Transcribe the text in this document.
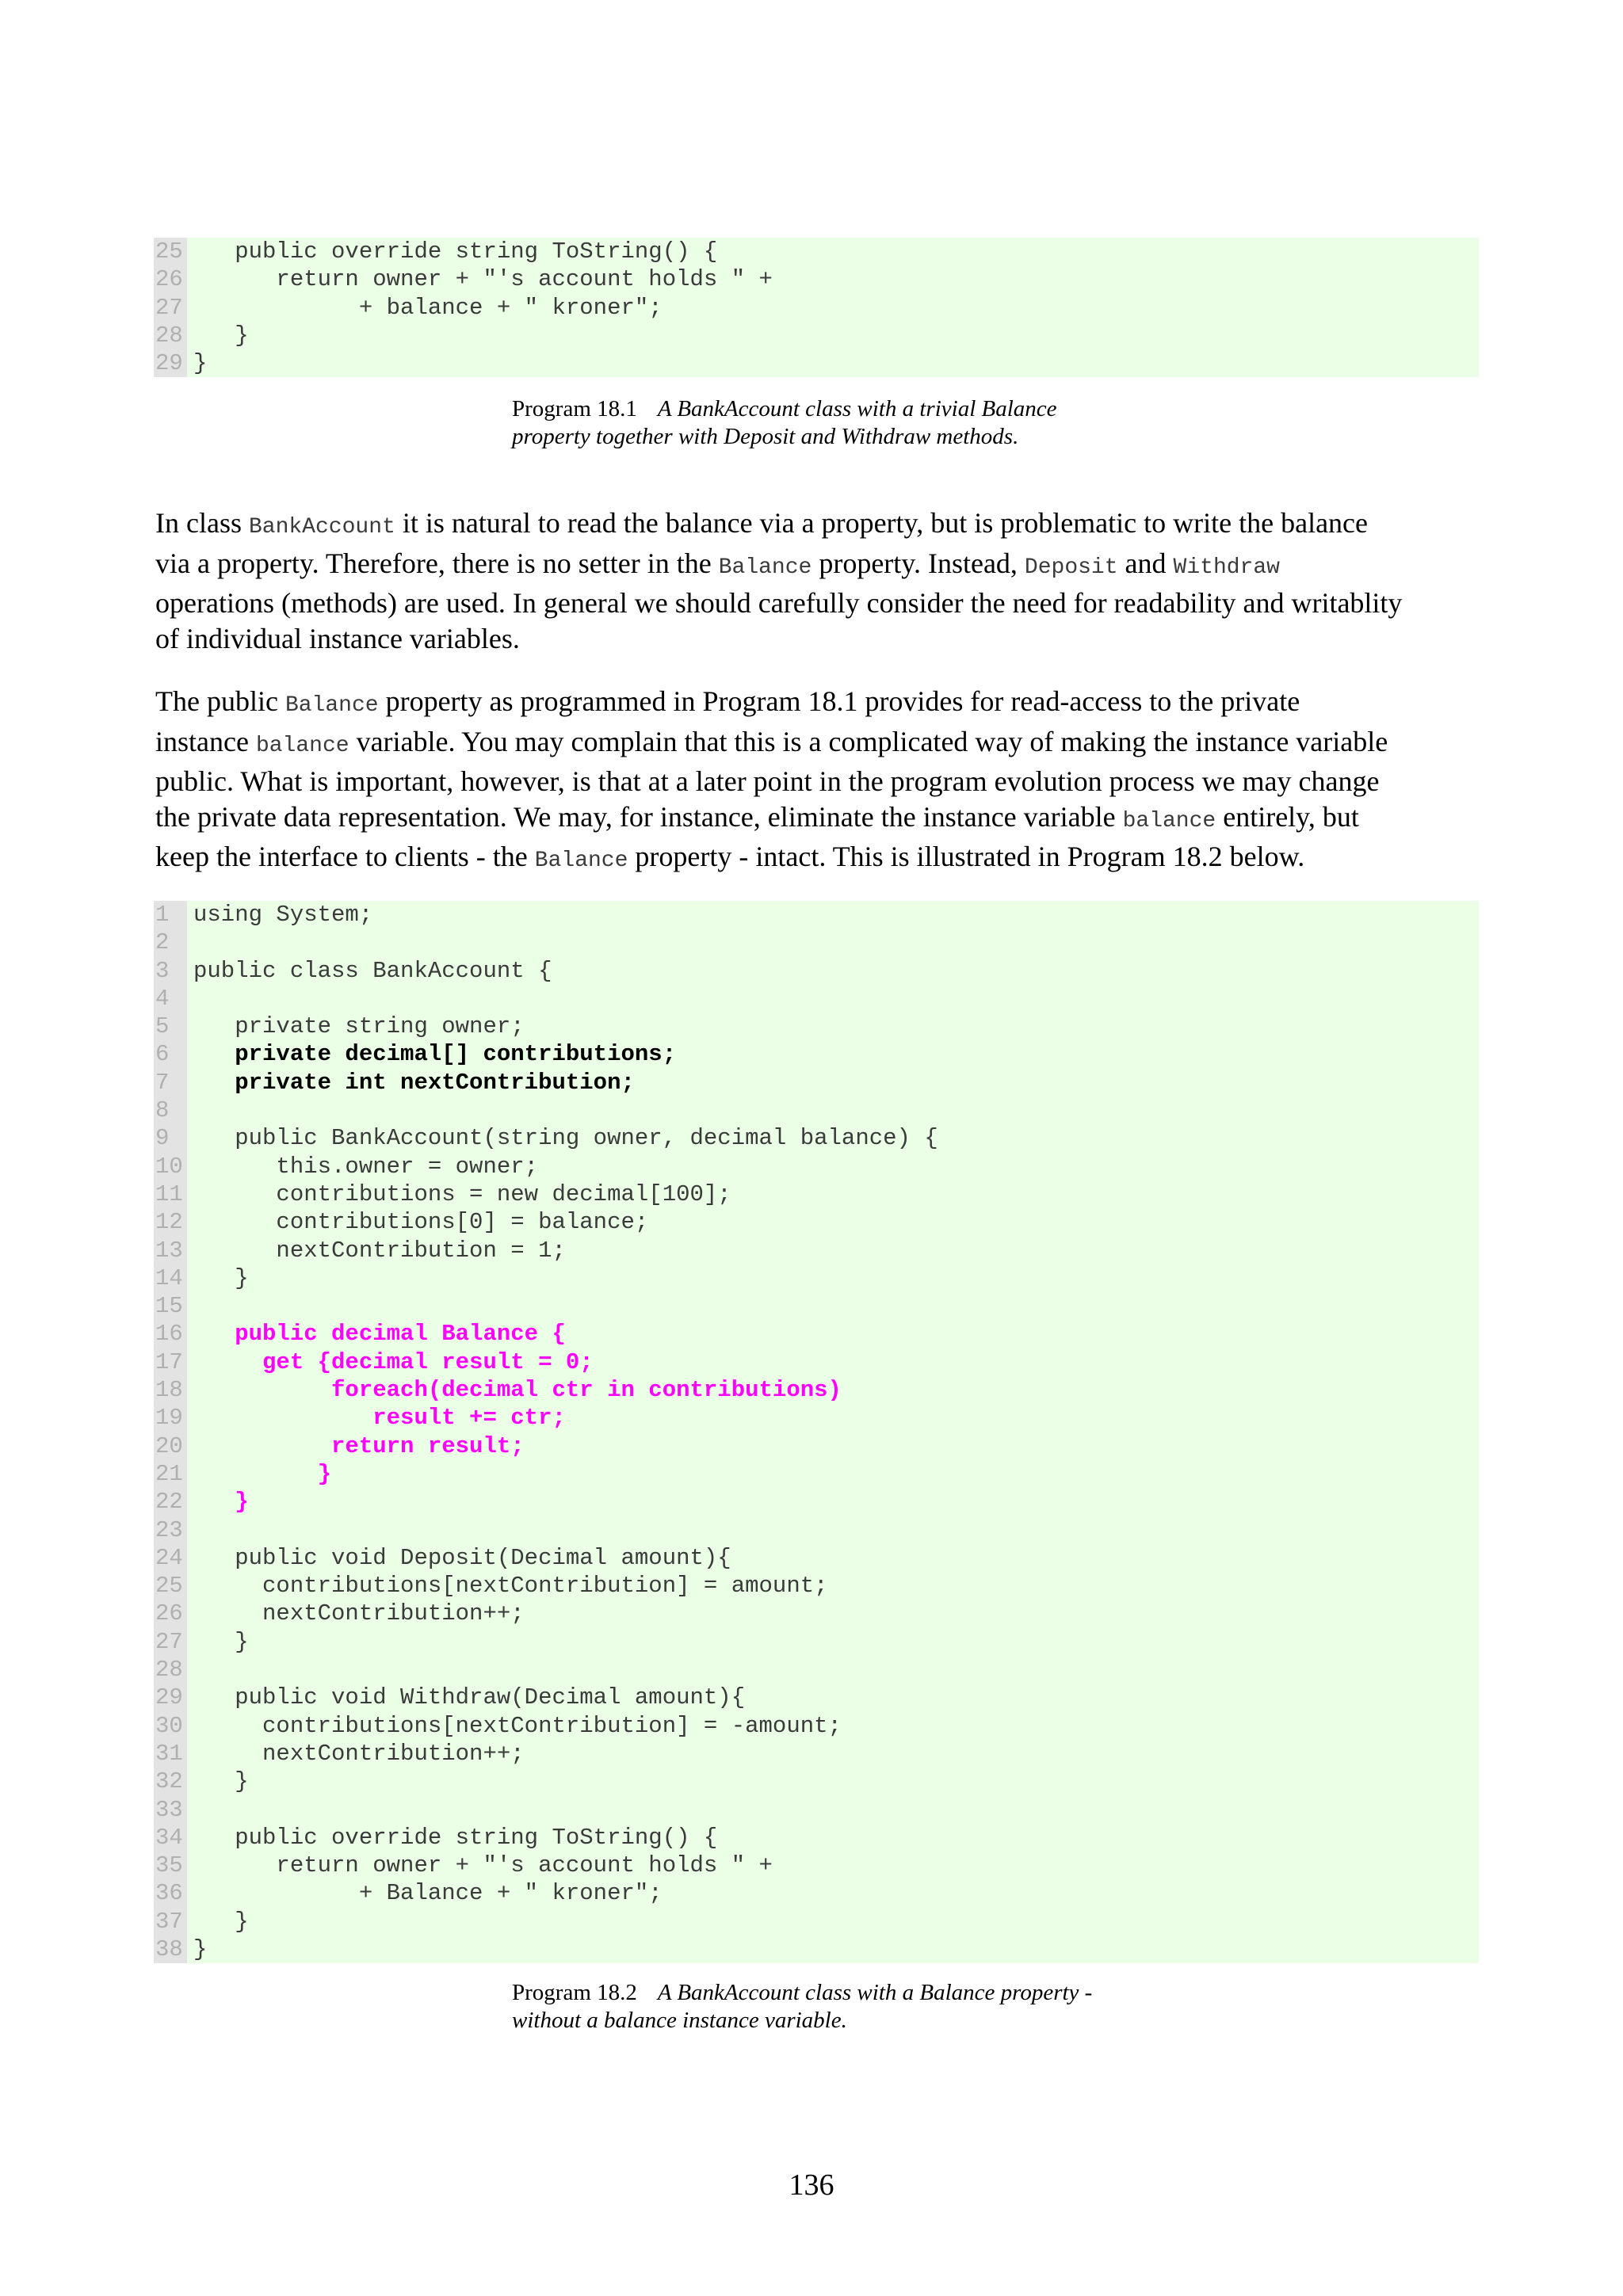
25 public override string ToString() {
26 return owner + "'s account holds " +
27 + balance + " kroner";
28 }
29 }
Program 18.1 A BankAccount class with a trivial Balance
property together with Deposit and Withdraw methods.
In class BankAccount it is natural to read the balance via a property, but is problematic to write the balance
via a property. Therefore, there is no setter in the Balance property. Instead, Deposit and Withdraw
operations (methods) are used. In general we should carefully consider the need for readability and writablity
of individual instance variables.
The public Balance property as programmed in Program 18.1 provides for read-access to the private
instance balance variable. You may complain that this is a complicated way of making the instance variable
public. What is important, however, is that at a later point in the program evolution process we may change
the private data representation. We may, for instance, eliminate the instance variable balance entirely, but
keep the interface to clients - the Balance property - intact. This is illustrated in Program 18.2 below.
1	using System;
2
3	public class BankAccount {
4
5	private string owner;
6	private decimal[] contributions;
7	private int nextContribution;
8
9	public BankAccount(string owner, decimal balance) {
10 this.owner = owner;
11 contributions = new decimal[100];
12 contributions[0] = balance;
13 nextContribution = 1;
14 }
15
16 public decimal Balance {
17 get {decimal result = 0;
18 foreach(decimal ctr in contributions)
19 result += ctr;
20 return result;
21 }
22 }
23
24 public void Deposit(Decimal amount){
25 contributions[nextContribution] = amount;
26 nextContribution++;
27 }
28
29 public void Withdraw(Decimal amount){
30 contributions[nextContribution] = -amount;
31 nextContribution++;
32 }
33
34 public override string ToString() {
35 return owner + "'s account holds " +
36 + Balance + " kroner";
37 }
38 }
Program 18.2 A BankAccount class with a Balance property -
without a balance instance variable.
136
